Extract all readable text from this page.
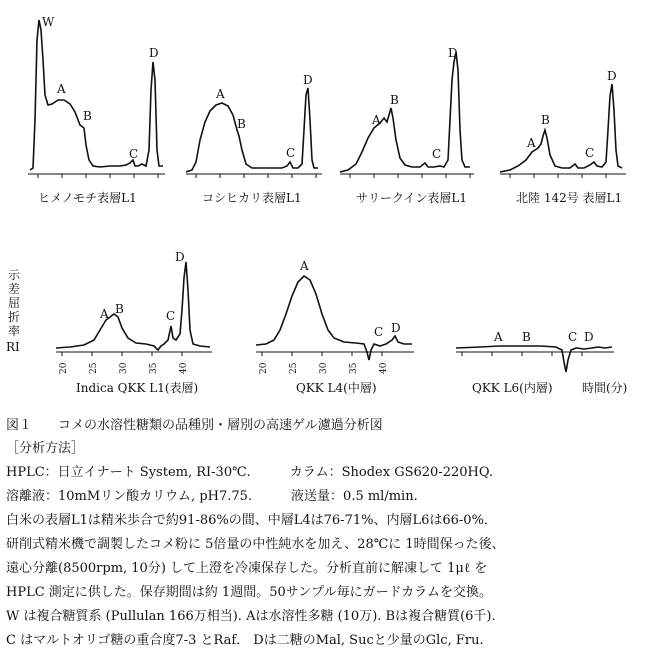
W
A
B
C
D
ヒメノモチ表層L1
A
B
C
D
コシヒカリ表層L1
A
B
C
D
サリークイン表層L1
A
B
C
D
北陸 142号 表層L1
20 25 30 35 40
A B	C
D
Indica QKK L1(表層)
20 25 30 35 40
A
C D
QKK L4(中層)
A B	C D
QKK L6(内層) 時間(分)
示
差
屈
折
率
RI
図１　　コメの水溶性糖類の品種別・層別の高速ゲル濾過分析図
［分析方法］
HPLC：日立イナート System, RI-30℃.　　　カラム：Shodex GS620-220HQ.
溶離液：10mMリン酸カリウム, pH7.75.　　　液送量：0.5 ml/min.
白米の表層L1は精米歩合で約91-86%の間、中層L4は76-71%、内層L6は66-0%．
研削式精米機で調製したコメ粉に 5倍量の中性純水を加え、28℃に 1時間保った後、
遠心分離(8500rpm, 10分) して上澄を冷凍保存した。分析直前に解凍して 1μℓ を
HPLC 測定に供した。保存期間は約 1週間。50サンプル毎にガードカラムを交換。
W は複合糖質系 (Pullulan 166万相当). Aは水溶性多糖 (10万). Bは複合糖質(6千).
C はマルトオリゴ糖の重合度7-3 とRaf． Dは二糖のMal, Sucと少量のGlc, Fru.
